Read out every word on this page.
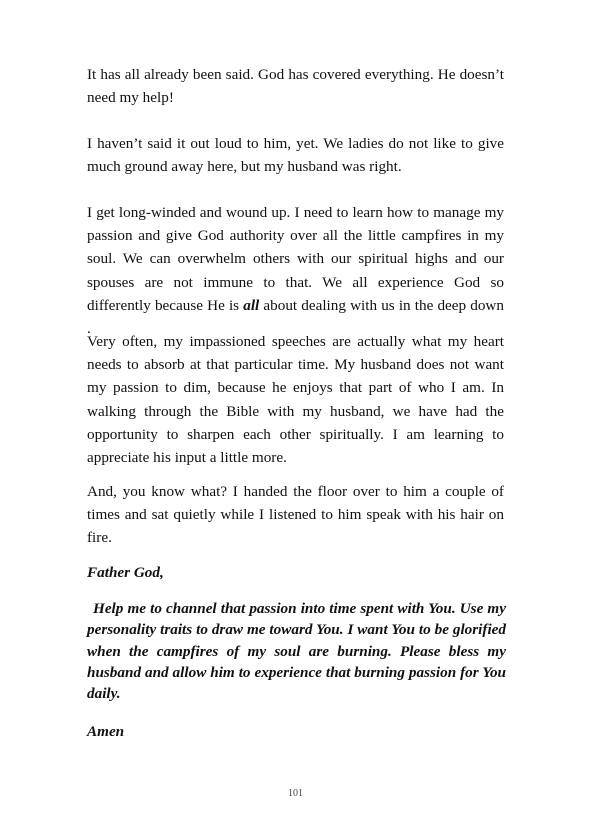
It has all already been said. God has covered everything. He doesn’t need my help!

I haven’t said it out loud to him, yet. We ladies do not like to give much ground away here, but my husband was right.

I get long-winded and wound up. I need to learn how to manage my passion and give God authority over all the little campfires in my soul. We can overwhelm others with our spiritual highs and our spouses are not immune to that. We all experience God so differently because He is all about dealing with us in the deep down .

Very often, my impassioned speeches are actually what my heart needs to absorb at that particular time. My husband does not want my passion to dim, because he enjoys that part of who I am. In walking through the Bible with my husband, we have had the opportunity to sharpen each other spiritually. I am learning to appreciate his input a little more.

And, you know what? I handed the floor over to him a couple of times and sat quietly while I listened to him speak with his hair on fire.

Father God,

Help me to channel that passion into time spent with You. Use my personality traits to draw me toward You. I want You to be glorified when the campfires of my soul are burning. Please bless my husband and allow him to experience that burning passion for You daily.

Amen
101
